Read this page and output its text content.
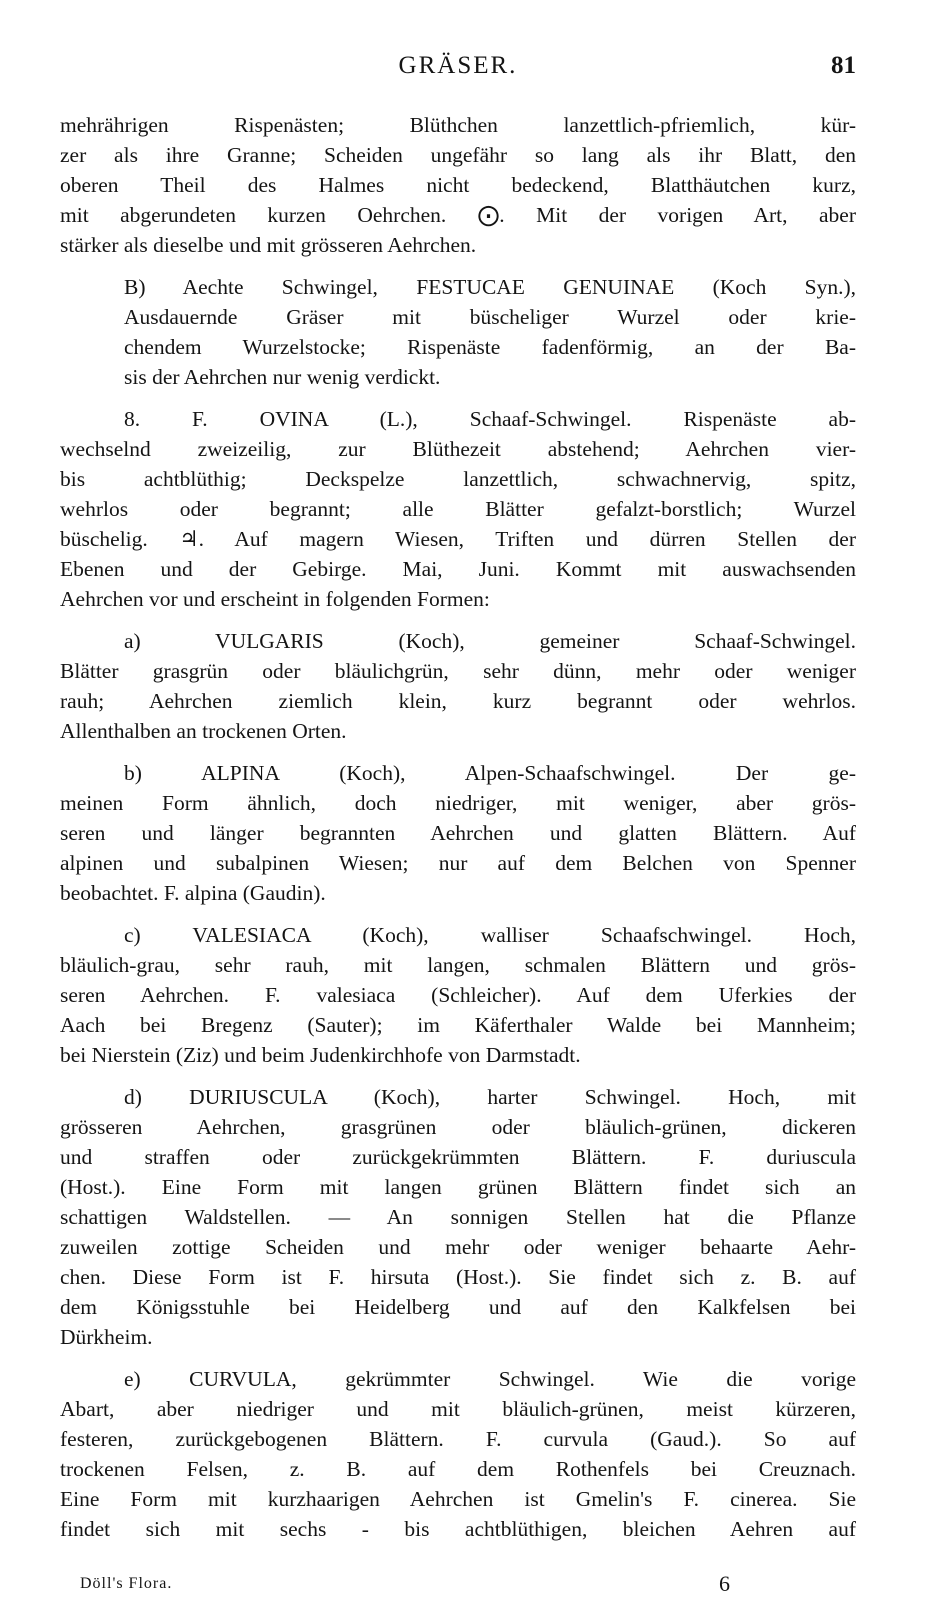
GRÄSER.	81
mehrährigen Rispenästen; Blüthchen lanzettlich-pfriemlich, kür-
zer als ihre Granne; Scheiden ungefähr so lang als ihr Blatt, den
oberen Theil des Halmes nicht bedeckend, Blatthäutchen kurz,
mit abgerundeten kurzen Oehrchen. ⨀. Mit der vorigen Art, aber
stärker als dieselbe und mit grösseren Aehrchen.
B) Aechte Schwingel, FESTUCAE GENUINAE (Koch Syn.),
Ausdauernde Gräser mit büscheliger Wurzel oder krie-
chendem Wurzelstocke; Rispenäste fadenförmig, an der Ba-
sis der Aehrchen nur wenig verdickt.
8. F. OVINA (L.), Schaaf-Schwingel. Rispenäste ab-
wechselnd zweizeilig, zur Blüthezeit abstehend; Aehrchen vier-
bis achtblüthig; Deckspelze lanzettlich, schwachnervig, spitz,
wehrlos oder begrannt; alle Blätter gefalzt-borstlich; Wurzel
büschelig. ♃. Auf magern Wiesen, Triften und dürren Stellen der
Ebenen und der Gebirge. Mai, Juni. Kommt mit auswachsenden
Aehrchen vor und erscheint in folgenden Formen:
a) VULGARIS (Koch), gemeiner Schaaf-Schwingel.
Blätter grasgrün oder bläulichgrün, sehr dünn, mehr oder weniger
rauh; Aehrchen ziemlich klein, kurz begrannt oder wehrlos.
Allenthalben an trockenen Orten.
b) ALPINA (Koch), Alpen-Schaafschwingel. Der ge-
meinen Form ähnlich, doch niedriger, mit weniger, aber grös-
seren und länger begrannten Aehrchen und glatten Blättern. Auf
alpinen und subalpinen Wiesen; nur auf dem Belchen von Spenner
beobachtet. F. alpina (Gaudin).
c) VALESIACA (Koch), walliser Schaafschwingel. Hoch,
bläulich-grau, sehr rauh, mit langen, schmalen Blättern und grös-
seren Aehrchen. F. valesiaca (Schleicher). Auf dem Uferkies der
Aach bei Bregenz (Sauter); im Käferthaler Walde bei Mannheim;
bei Nierstein (Ziz) und beim Judenkirchhofe von Darmstadt.
d) DURIUSCULA (Koch), harter Schwingel. Hoch, mit
grösseren Aehrchen, grasgrünen oder bläulich-grünen, dickeren
und straffen oder zurückgekrümmten Blättern. F. duriuscula
(Host.). Eine Form mit langen grünen Blättern findet sich an
schattigen Waldstellen. — An sonnigen Stellen hat die Pflanze
zuweilen zottige Scheiden und mehr oder weniger behaarte Aehr-
chen. Diese Form ist F. hirsuta (Host.). Sie findet sich z. B. auf
dem Königsstuhle bei Heidelberg und auf den Kalkfelsen bei
Dürkheim.
e) CURVULA, gekrümmter Schwingel. Wie die vorige
Abart, aber niedriger und mit bläulich-grünen, meist kürzeren,
festeren, zurückgebogenen Blättern. F. curvula (Gaud.). So auf
trockenen Felsen, z. B. auf dem Rothenfels bei Creuznach.
Eine Form mit kurzhaarigen Aehrchen ist Gmelin's F. cinerea. Sie
findet sich mit sechs - bis achtblüthigen, bleichen Aehren auf
Döll's Flora.	6
